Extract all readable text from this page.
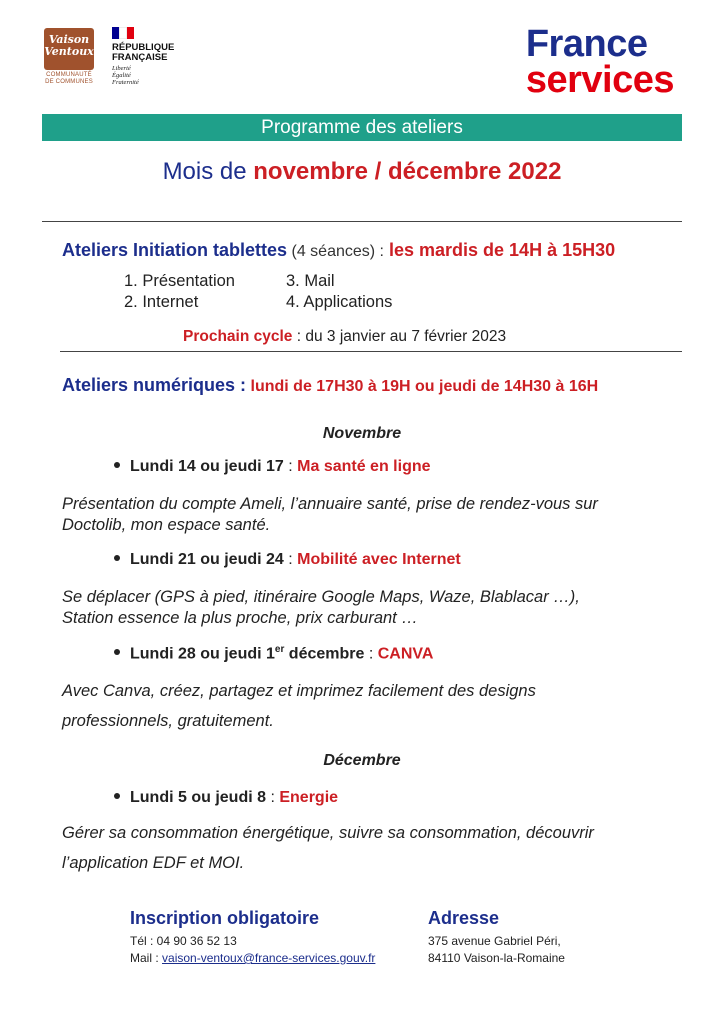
Vaison
Ventoux
COMMUNAUTÉ
DE COMMUNES
RÉPUBLIQUE
FRANÇAISE
Liberté
Égalité
Fraternité
France
services
Programme des ateliers
Mois de novembre / décembre 2022
Ateliers Initiation tablettes (4 séances) : les mardis de 14H à 15H30
1. Présentation
2. Internet
3. Mail
4. Applications
Prochain cycle : du 3 janvier au 7 février 2023
Ateliers numériques : lundi de 17H30 à 19H ou jeudi de 14H30 à 16H
Novembre
Lundi 14 ou jeudi 17 : Ma santé en ligne
Présentation du compte Ameli, l’annuaire santé, prise de rendez-vous sur
Doctolib, mon espace santé.
Lundi 21 ou jeudi 24 : Mobilité avec Internet
Se déplacer (GPS à pied, itinéraire Google Maps, Waze, Blablacar …),
Station essence la plus proche, prix carburant …
Lundi 28 ou jeudi 1er décembre : CANVA
Avec Canva, créez, partagez et imprimez facilement des designs
professionnels, gratuitement.
Décembre
Lundi 5 ou jeudi 8 : Energie
Gérer sa consommation énergétique, suivre sa consommation, découvrir
l’application EDF et MOI.
Inscription obligatoire
Tél : 04 90 36 52 13
Mail : vaison-ventoux@france-services.gouv.fr
Adresse
375 avenue Gabriel Péri,
84110 Vaison-la-Romaine
